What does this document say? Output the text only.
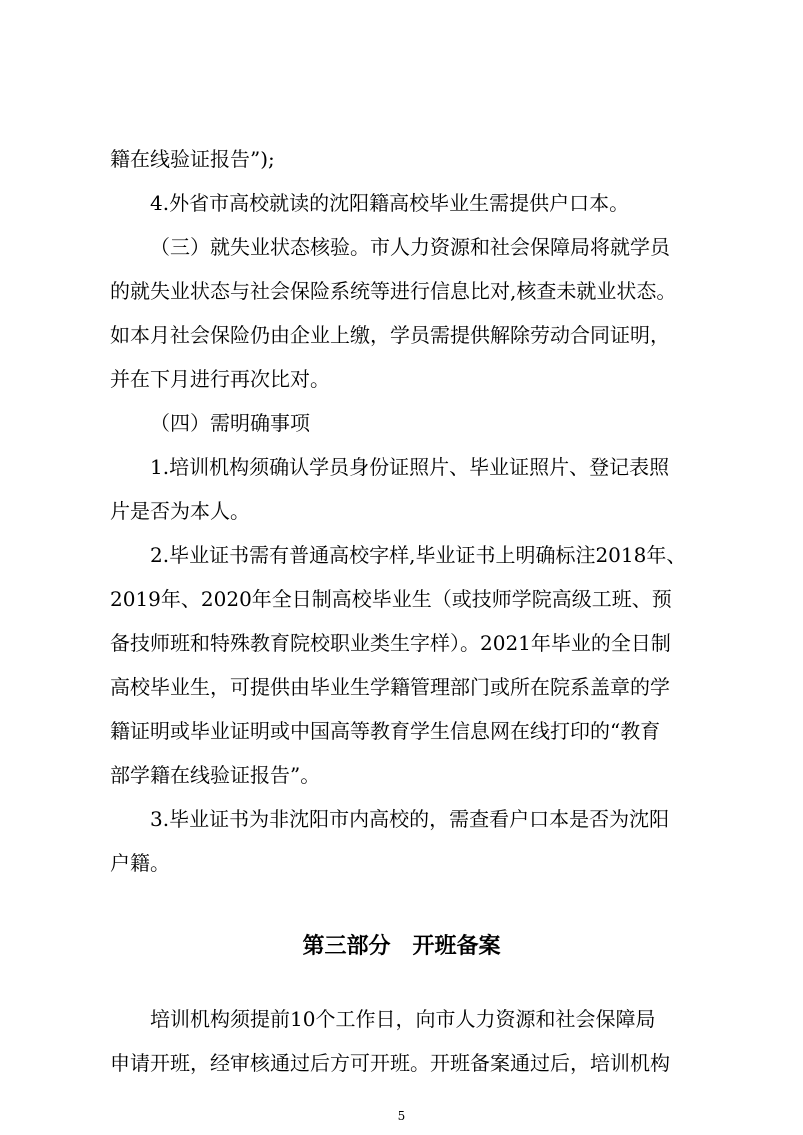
籍在线验证报告”);
4.外省市高校就读的沈阳籍高校毕业生需提供户口本。
（三）就失业状态核验。市人力资源和社会保障局将就学员
的就失业状态与社会保险系统等进行信息比对,核查未就业状态。
如本月社会保险仍由企业上缴，学员需提供解除劳动合同证明，
并在下月进行再次比对。
（四）需明确事项
1.培训机构须确认学员身份证照片、毕业证照片、登记表照
片是否为本人。
2.毕业证书需有普通高校字样,毕业证书上明确标注2018年、
2019年、2020年全日制高校毕业生（或技师学院高级工班、预
备技师班和特殊教育院校职业类生字样）。2021年毕业的全日制
高校毕业生，可提供由毕业生学籍管理部门或所在院系盖章的学
籍证明或毕业证明或中国高等教育学生信息网在线打印的“教育
部学籍在线验证报告”。
3.毕业证书为非沈阳市内高校的，需查看户口本是否为沈阳
户籍。
第三部分　开班备案
培训机构须提前10个工作日，向市人力资源和社会保障局
申请开班，经审核通过后方可开班。开班备案通过后，培训机构
5
